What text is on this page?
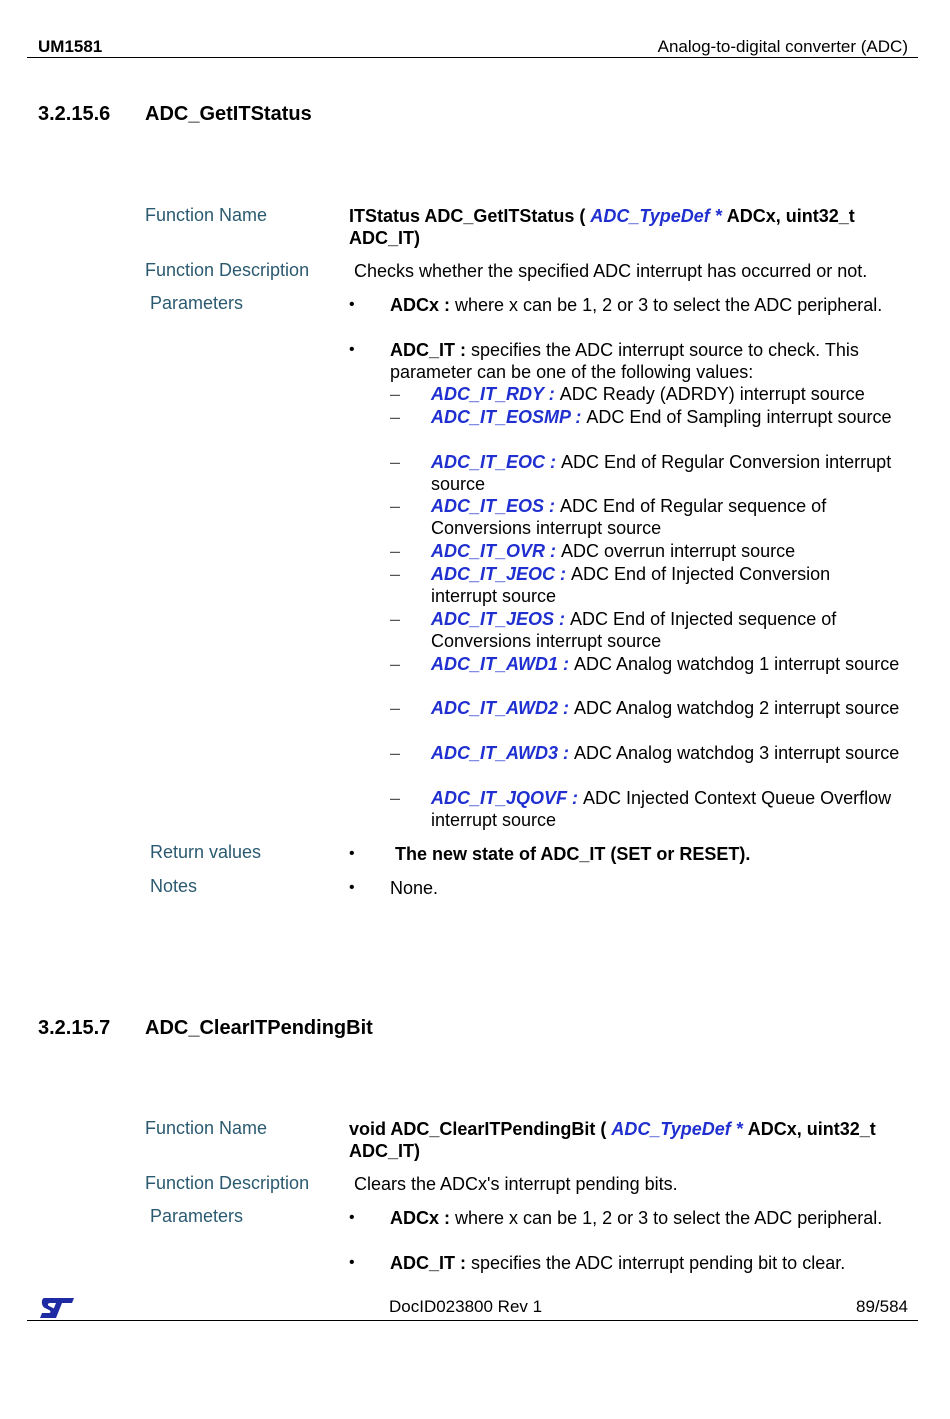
UM1581	Analog-to-digital converter (ADC)
3.2.15.6 ADC_GetITStatus
Function Name	ITStatus ADC_GetITStatus ( ADC_TypeDef * ADCx, uint32_t
ADC_IT)
Function Description Checks whether the specified ADC interrupt has occurred or not.
Parameters	• ADCx : where x can be 1, 2 or 3 to select the ADC peripheral.
• ADC_IT : specifies the ADC interrupt source to check. This parameter can be one of the following values:
– ADC_IT_RDY : ADC Ready (ADRDY) interrupt source
– ADC_IT_EOSMP : ADC End of Sampling interrupt source
– ADC_IT_EOC : ADC End of Regular Conversion interrupt source
– ADC_IT_EOS : ADC End of Regular sequence of Conversions interrupt source
– ADC_IT_OVR : ADC overrun interrupt source
– ADC_IT_JEOC : ADC End of Injected Conversion interrupt source
– ADC_IT_JEOS : ADC End of Injected sequence of Conversions interrupt source
– ADC_IT_AWD1 : ADC Analog watchdog 1 interrupt source
– ADC_IT_AWD2 : ADC Analog watchdog 2 interrupt source
– ADC_IT_AWD3 : ADC Analog watchdog 3 interrupt source
– ADC_IT_JQOVF : ADC Injected Context Queue Overflow interrupt source
Return values	• The new state of ADC_IT (SET or RESET).
Notes	• None.
3.2.15.7 ADC_ClearITPendingBit
Function Name	void ADC_ClearITPendingBit ( ADC_TypeDef * ADCx, uint32_t
ADC_IT)
Function Description Clears the ADCx's interrupt pending bits.
Parameters	• ADCx : where x can be 1, 2 or 3 to select the ADC peripheral.
• ADC_IT : specifies the ADC interrupt pending bit to clear.
DocID023800 Rev 1	89/584
